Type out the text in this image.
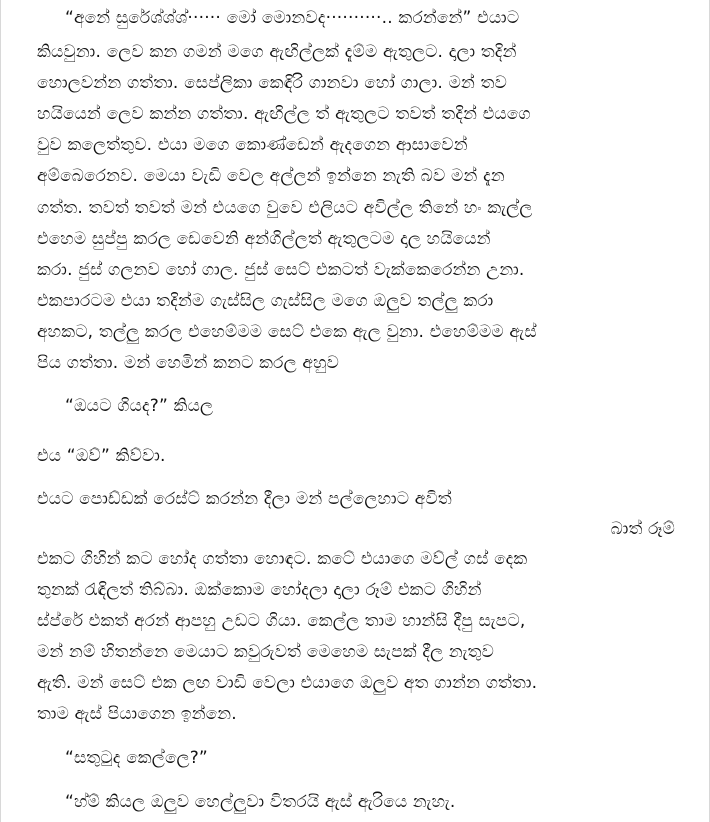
“අනේ සුරේශ්ශ්ශ්······ මෝ මොනවද··········.. කරන්නේ” එයාට
කියවුනා. ලෙව කන ගමන් මගෙ ඇඟිල්ලක් දැම්ම ඇතුලට. දාලා තදින්
හොලවන්න ගත්තා. සෙප්ලිකා කෙඳිරි ගානවා හෝ ගාලා. මන් තව
හයියෙන් ලෙව කන්න ගත්තා. ඇඟිල්ල ත් ඇතුලට තවත් තදින් එයගෙ
වුව කලෙත්තුව. එයා මගෙ කොණ්ඩෙන් ඇදගෙන ආසාවෙන්
අම්බෙරෙනව. මෙයා වැඩි වෙල අල්ලන් ඉන්නෙ නැති බව මන් දැන
ගත්ත. තවත් තවත් මන් එයගෙ වුවෙ එලියට අවිල්ල තිනේ හං කැල්ල
එහෙම සුප්පු කරල ඩෙවෙනි අන්ගිල්ලත් ඇතුලටම දාල හයියෙන්
කරා. ජුස් ගලනව හෝ ගාල. ජුස් සෙට් එකටත් වැක්කෙරෙන්න උනා.
එකපාරටම එයා තදින්ම ගැස්සිල ගැස්සිල මගෙ ඔලුව තල්ලු කරා
අහකට, තල්ලු කරල එහෙම්මම සෙට් එකෙ ඇල වුනා. එහෙම්මම ඇස්
පිය ගත්තා. මන් හෙමින් කනට කරල අහුව
“ඔයට ගියද?” කියල
එය “ඔව්” කිව්වා.
එයට පොඩ්ඩක් රෙස්ට් කරන්න දීලා මන් පල්ලෙහාට අවිත්
බාත් රූම්
එකට ගිහින් කට හෝද ගත්තා හොඳට. කටේ එයාගෙ මව්ල් ගස් දෙක
තුනක් රැඳිලත් තිබ්බා. ඔක්කොම හෝදලා දාලා රූම් එකට ගිහින්
ස්ප්රේ එකත් අරන් ආපහු උඩට ගියා. කෙල්ල තාම හාන්සි දීපු සැපට,
මන් නම් හිතන්නෙ මෙයාට කවුරුවත් මෙහෙම සැපක් දීල නැතුව
ඇති. මන් සෙට් එක ලඟ වාඩි වෙලා එයාගෙ ඔලුව අත ගාන්න ගත්තා.
තාම ඇස් පියාගෙන ඉන්නෙ.
“සතුටුද කෙල්ලෙ?”
“හ්ම් කියල ඔලුව හෙල්ලුවා විතරයි ඇස් ඇරියෙ නැහැ.
